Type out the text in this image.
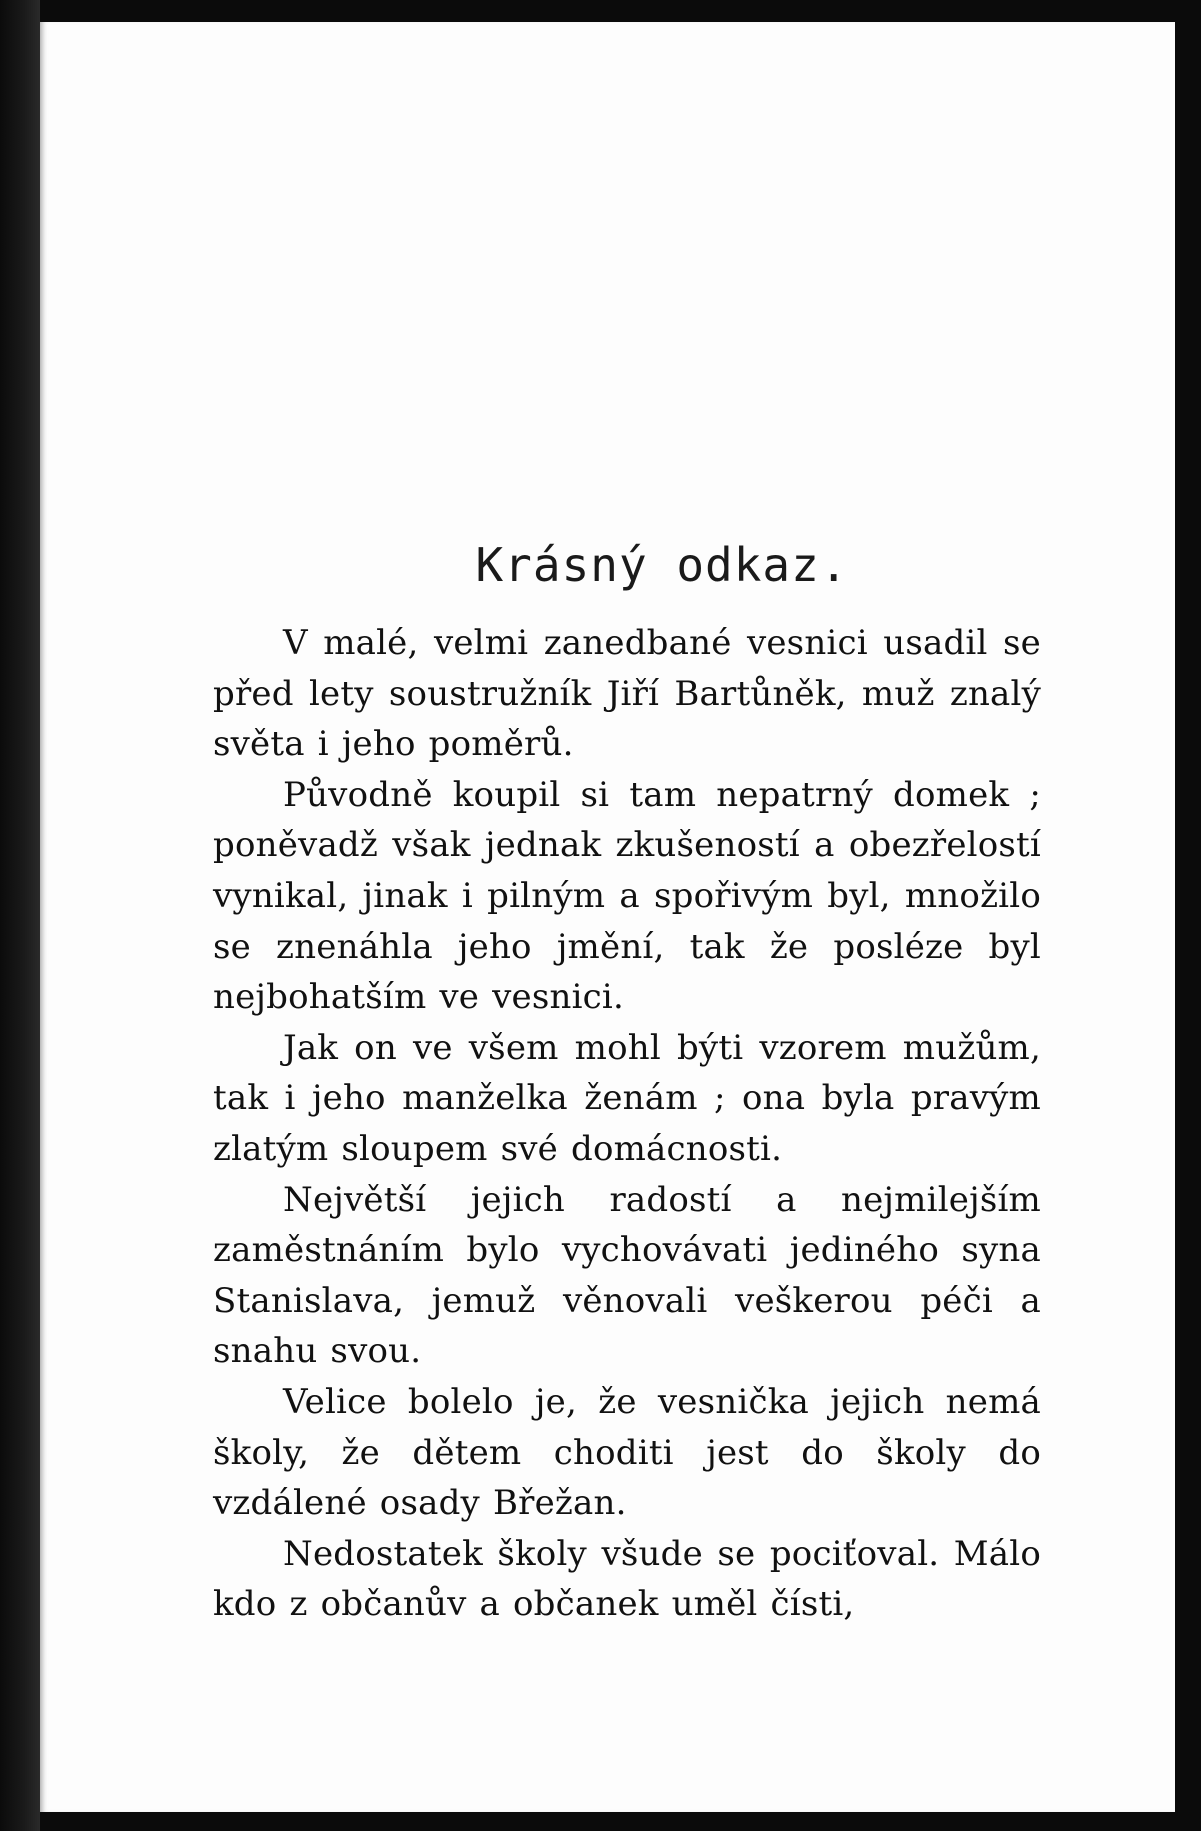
Krásný odkaz.

V malé, velmi zanedbané vesnici usadil se před lety soustružník Jiří Bartůněk, muž znalý světa i jeho poměrů.

Původně koupil si tam nepatrný domek ; poněvadž však jednak zkušeností a obezřelostí vynikal, jinak i pilným a spořivým byl, množilo se znenáhla jeho jmění, tak že posléze byl nejbohatším ve vesnici.

Jak on ve všem mohl býti vzorem mužům, tak i jeho manželka ženám ; ona byla pravým zlatým sloupem své domácnosti.

Největší jejich radostí a nejmilejším zaměstnáním bylo vychovávati jediného syna Stanislava, jemuž věnovali veškerou péči a snahu svou.

Velice bolelo je, že vesnička jejich nemá školy, že dětem choditi jest do školy do vzdálené osady Břežan.

Nedostatek školy všude se pociťoval. Málo kdo z občanův a občanek uměl čísti,
